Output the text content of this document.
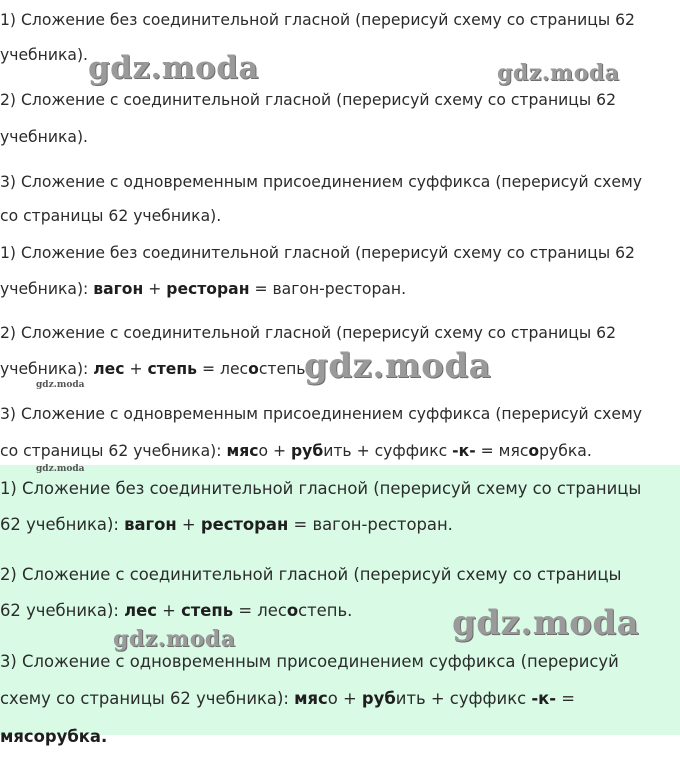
1) Сложение без соединительной гласной (перерисуй схему со страницы 62
учебника).
2) Сложение с соединительной гласной (перерисуй схему со страницы 62
учебника).
3) Сложение с одновременным присоединением суффикса (перерисуй схему
со страницы 62 учебника).
1) Сложение без соединительной гласной (перерисуй схему со страницы 62
учебника): вагон + ресторан = вагон-ресторан.
2) Сложение с соединительной гласной (перерисуй схему со страницы 62
учебника): лес + степь = лесостепь.
3) Сложение с одновременным присоединением суффикса (перерисуй схему
со страницы 62 учебника): мясо + рубить + суффикс -к- = мясорубка.
1) Сложение без соединительной гласной (перерисуй схему со страницы
62 учебника): вагон + ресторан = вагон-ресторан.
2) Сложение с соединительной гласной (перерисуй схему со страницы
62 учебника): лес + степь = лесостепь.
3) Сложение с одновременным присоединением суффикса (перерисуй
схему со страницы 62 учебника): мясо + рубить + суффикс -к- =
мясорубка.
gdz.moda	gdz.moda
gdz.moda
gdz.moda
gdz.moda
gdz.moda
gdz.moda
